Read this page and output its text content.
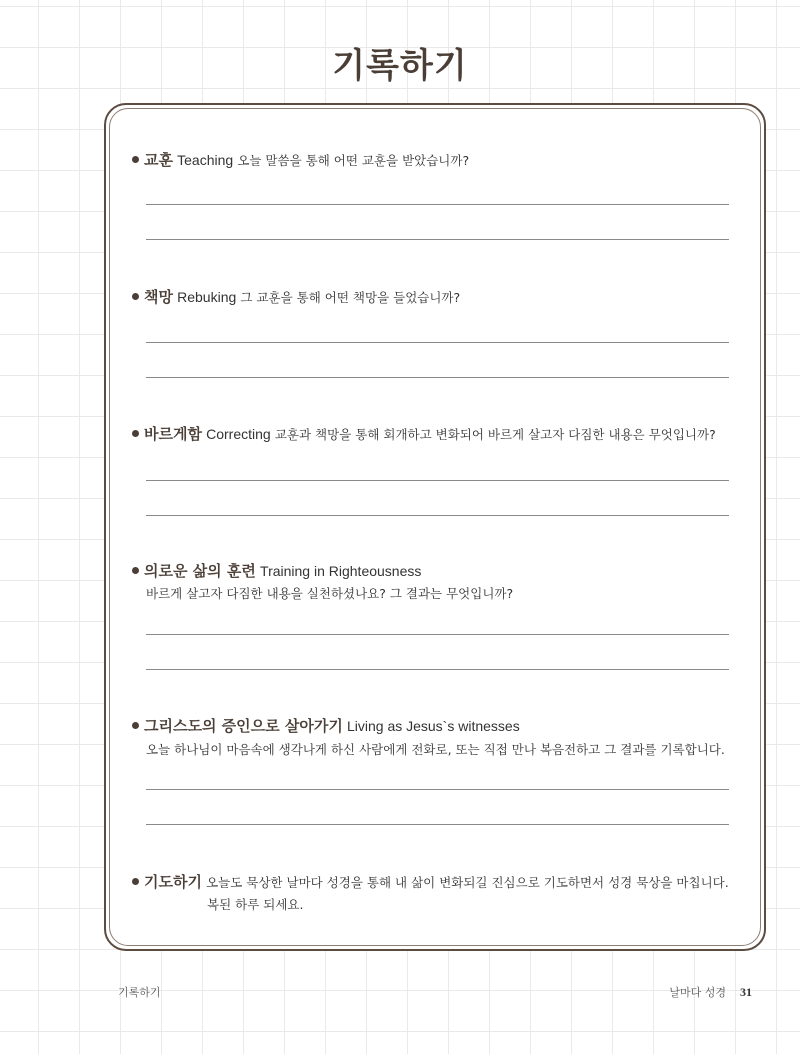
기록하기
교훈 Teaching 오늘 말씀을 통해 어떤 교훈을 받았습니까?
책망 Rebuking 그 교훈을 통해 어떤 책망을 들었습니까?
바르게함 Correcting 교훈과 책망을 통해 회개하고 변화되어 바르게 살고자 다짐한 내용은 무엇입니까?
의로운 삶의 훈련 Training in Righteousness
바르게 살고자 다짐한 내용을 실천하셨나요? 그 결과는 무엇입니까?
그리스도의 증인으로 살아가기 Living as Jesus`s witnesses
오늘 하나님이 마음속에 생각나게 하신 사람에게 전화로, 또는 직접 만나 복음전하고 그 결과를 기록합니다.
기도하기 오늘도 묵상한 날마다 성경을 통해 내 삶이 변화되길 진심으로 기도하면서 성경 묵상을 마칩니다.
복된 하루 되세요.
기록하기	날마다 성경 31
